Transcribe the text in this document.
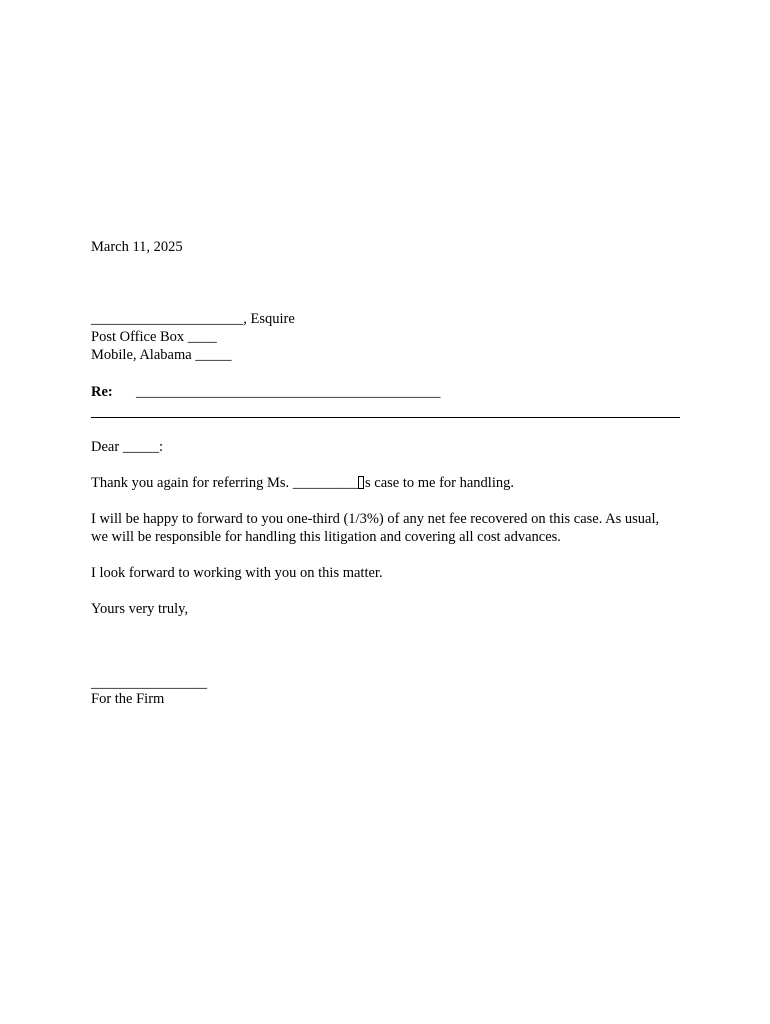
March 11, 2025
_____________________, Esquire
Post Office Box ____
Mobile, Alabama _____
Re: __________________________________________
Dear _____:
Thank you again for referring Ms. _________ s case to me for handling.
I will be happy to forward to you one-third (1/3%) of any net fee recovered on this case. As usual, we will be responsible for handling this litigation and covering all cost advances.
I look forward to working with you on this matter.
Yours very truly,
________________
For the Firm
